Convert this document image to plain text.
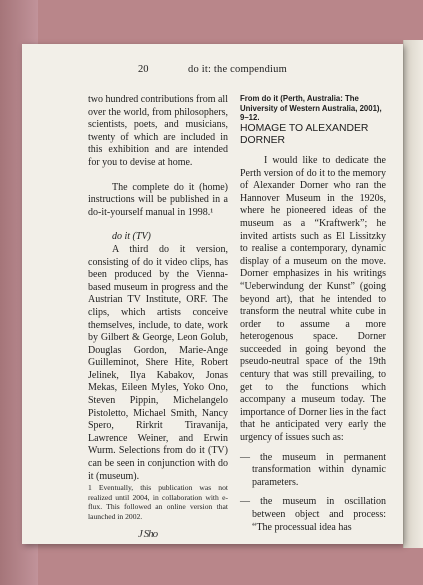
20	do it: the compendium

two hundred contributions from all over the world, from philosophers, scientists, poets, and musicians, twenty of which are included in this exhibition and are intended for you to devise at home.

The complete do it (home) instructions will be published in a do-it-yourself manual in 1998.¹

do it (TV)

A third do it version, consisting of do it video clips, has been produced by the Vienna-based museum in progress and the Austrian TV Institute, ORF. The clips, which artists conceive themselves, include, to date, work by Gilbert & George, Leon Golub, Douglas Gordon, Marie-Ange Guilleminot, Shere Hite, Robert Jelinek, Ilya Kabakov, Jonas Mekas, Eileen Myles, Yoko Ono, Steven Pippin, Michelangelo Pistoletto, Michael Smith, Nancy Spero, Rirkrit Tiravanija, Lawrence Weiner, and Erwin Wurm. Selections from do it (TV) can be seen in conjunction with do it (museum).

1 Eventually, this publication was not realized until 2004, in collaboration with e-flux. This followed an online version that launched in 2002.

J Sho

From do it (Perth, Australia: The University of Western Australia, 2001), 9–12.

HOMAGE TO ALEXANDER DORNER

I would like to dedicate the Perth version of do it to the memory of Alexander Dorner who ran the Hannover Museum in the 1920s, where he pioneered ideas of the museum as a “Kraftwerk”; he invited artists such as El Lissitzky to realise a contemporary, dynamic display of a museum on the move. Dorner emphasizes in his writings “Ueberwindung der Kunst” (going beyond art), that he intended to transform the neutral white cube in order to assume a more heterogenous space. Dorner succeeded in going beyond the pseudo-neutral space of the 19th century that was still prevailing, to get to the functions which accompany a museum today. The importance of Dorner lies in the fact that he anticipated very early the urgency of issues such as:

— the museum in permanent transformation within dynamic parameters.

— the museum in oscillation between object and process: “The processual idea has
